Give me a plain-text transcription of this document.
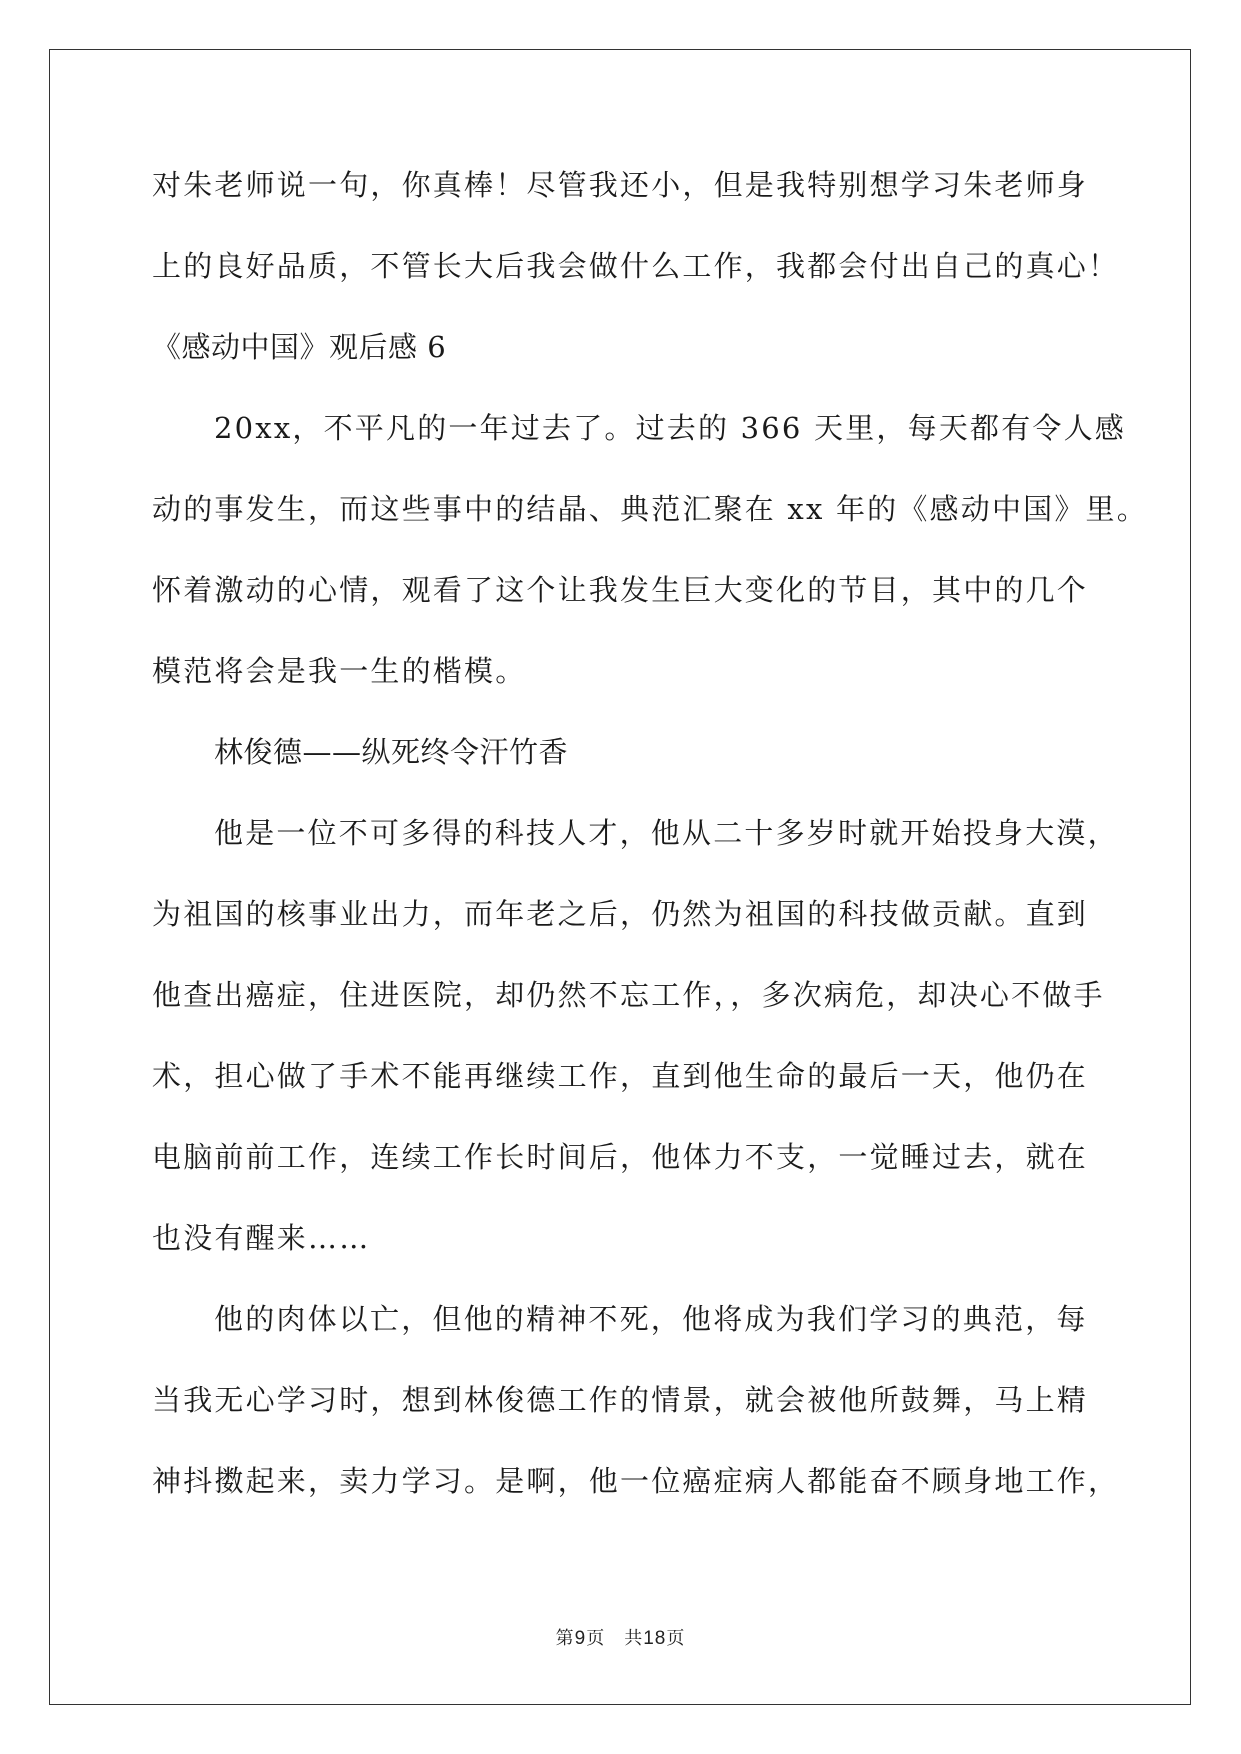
对朱老师说一句，你真棒！尽管我还小，但是我特别想学习朱老师身
上的良好品质，不管长大后我会做什么工作，我都会付出自己的真心！
《感动中国》观后感 6
20xx，不平凡的一年过去了。过去的 366 天里，每天都有令人感
动的事发生，而这些事中的结晶、典范汇聚在 xx 年的《感动中国》里。
怀着激动的心情，观看了这个让我发生巨大变化的节目，其中的几个
模范将会是我一生的楷模。
林俊德——纵死终令汗竹香
他是一位不可多得的科技人才，他从二十多岁时就开始投身大漠，
为祖国的核事业出力，而年老之后，仍然为祖国的科技做贡献。直到
他查出癌症，住进医院，却仍然不忘工作，，多次病危，却决心不做手
术，担心做了手术不能再继续工作，直到他生命的最后一天，他仍在
电脑前前工作，连续工作长时间后，他体力不支，一觉睡过去，就在
也没有醒来……
他的肉体以亡，但他的精神不死，他将成为我们学习的典范，每
当我无心学习时，想到林俊德工作的情景，就会被他所鼓舞，马上精
神抖擞起来，卖力学习。是啊，他一位癌症病人都能奋不顾身地工作，
第9页　共18页
